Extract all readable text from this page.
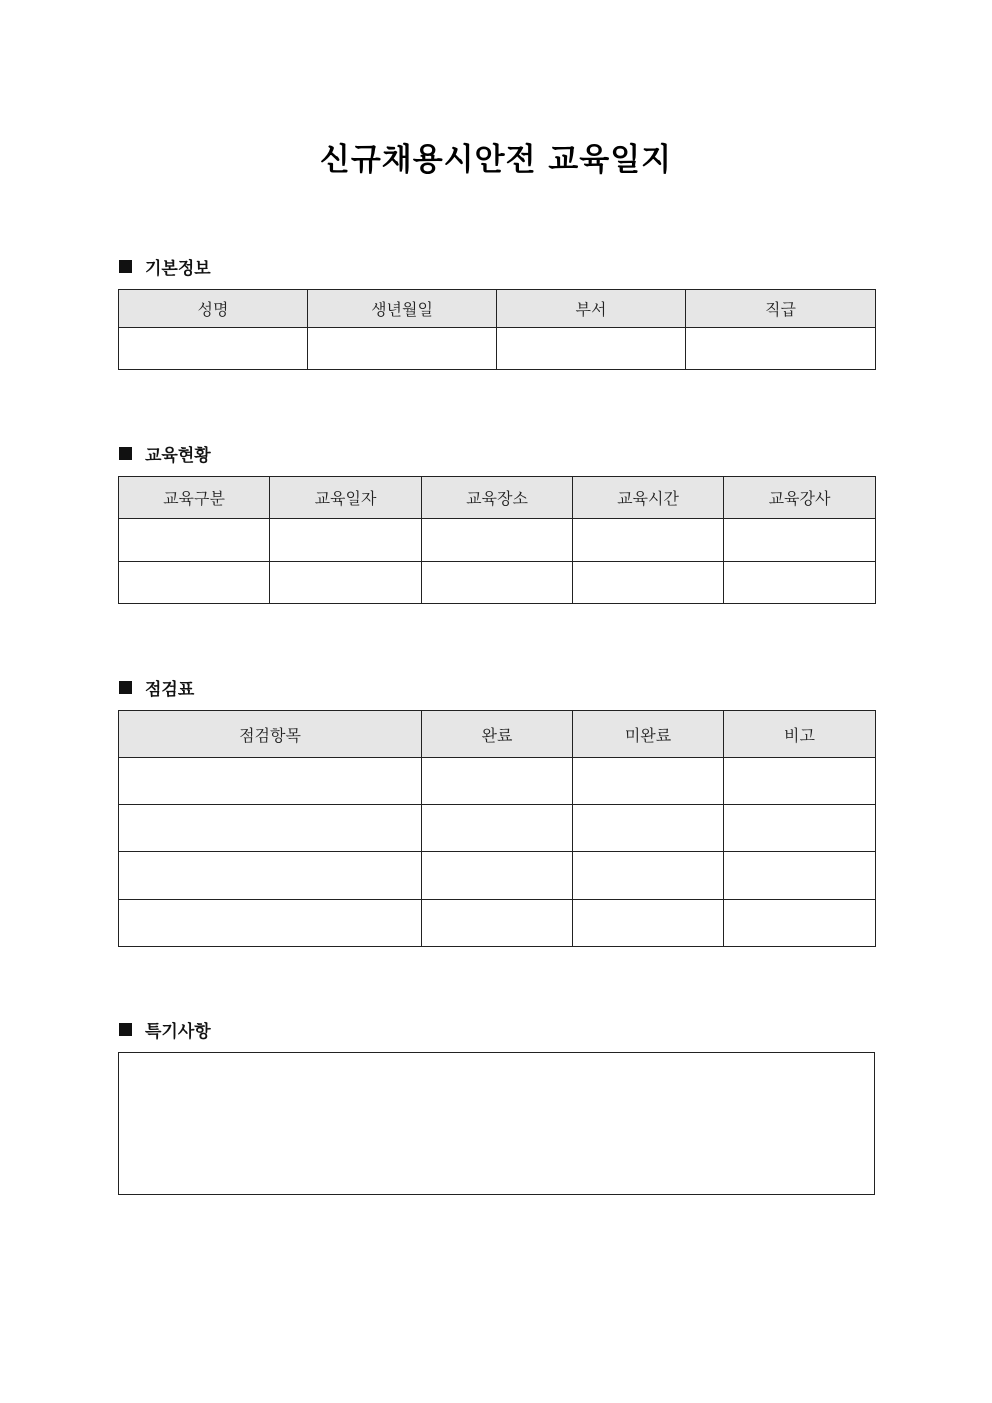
신규채용시안전 교육일지
기본정보
성명	생년월일	부서	직급

교육현황
교육구분	교육일자	교육장소	교육시간	교육강사

점검표
점검항목	완료	미완료	비고

특기사항
